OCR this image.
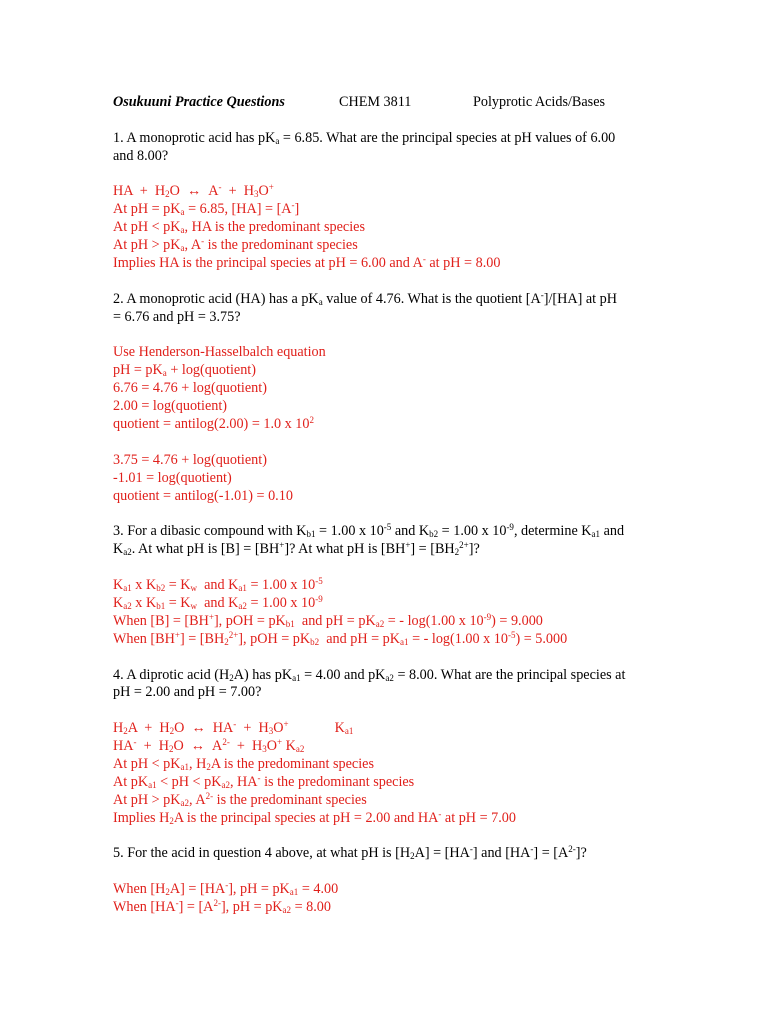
Osukuuni Practice Questions	CHEM 3811	Polyprotic Acids/Bases
1. A monoprotic acid has $pK_a = 6.85$. What are the principal species at pH values of 6.00
and 8.00?
HA  +  $H_2O$  ↔  $A^- + H_3O^+$
At pH = $pK_a = 6.85$, [HA] = [A-]
At pH < $pK_a$, HA is the predominant species
At pH > $pK_a$, A- is the predominant species
Implies HA is the principal species at pH = 6.00 and A- at pH = 8.00
2. A monoprotic acid (HA) has a $pK_a$ value of 4.76. What is the quotient [A-]/[HA] at pH
= 6.76 and pH = 3.75?
Use Henderson-Hasselbalch equation
pH = $pK_a$ + log(quotient)
6.76 = 4.76 + log(quotient)
2.00 = log(quotient)
quotient = antilog(2.00) = 1.0 x $10^2$
3.75 = 4.76 + log(quotient)
-1.01 = log(quotient)
quotient = antilog(-1.01) = 0.10
3. For a dibasic compound with $K_{b1} = 1.00$ x $10^{-5}$ and $K_{b2} = 1.00$ x $10^{-9}$, determine $K_{a1}$ and
$K_{a2}$. At what pH is [B] = [BH+]? At what pH is $[BH^+] = [BH_2^{2+}]$?
$K_{a1}$ x $K_{b2} = K_w$  and $K_{a1} = 1.00$ x $10^{-5}$
$K_{a2}$ x $K_{b1} = K_w$  and $K_{a2} = 1.00$ x $10^{-9}$
When [B] = [BH+], pOH = $pK_{b1}$  and pH = $pK_{a2}$ = - log(1.00 x $10^{-9}) = 9.000$
When $[BH^+] = [BH_2^{2+}]$, pOH = $pK_{b2}$  and pH = $pK_{a1}$ = - log(1.00 x $10^{-5}) = 5.000$
4. A diprotic acid $(H_2A)$ has $pK_{a1} = 4.00$ and $pK_{a2} = 8.00$. What are the principal species at
pH = 2.00 and pH = 7.00?
$H_2A + H_2O$  ↔  $HA^- + H_3O^+$             $K_{a1}$
$HA^- + H_2O$  ↔  $A^{2-} + H_3O^+$ $K_{a2}$
At pH < $pK_{a1}$, $H_2A$ is the predominant species
At $pK_{a1}$ < pH < $pK_{a2}$, HA- is the predominant species
At pH > $pK_{a2}$, $A^{2-}$ is the predominant species
Implies $H_2A$ is the principal species at pH = 2.00 and HA- at pH = 7.00
5. For the acid in question 4 above, at what pH is $[H_2A] = [HA^-]$ and $[HA^-] = [A^{2-}]$?
When $[H_2A] = [HA^-]$, pH = $pK_{a1} = 4.00$
When $[HA^-] = [A^{2-}]$, pH = $pK_{a2} = 8.00$
